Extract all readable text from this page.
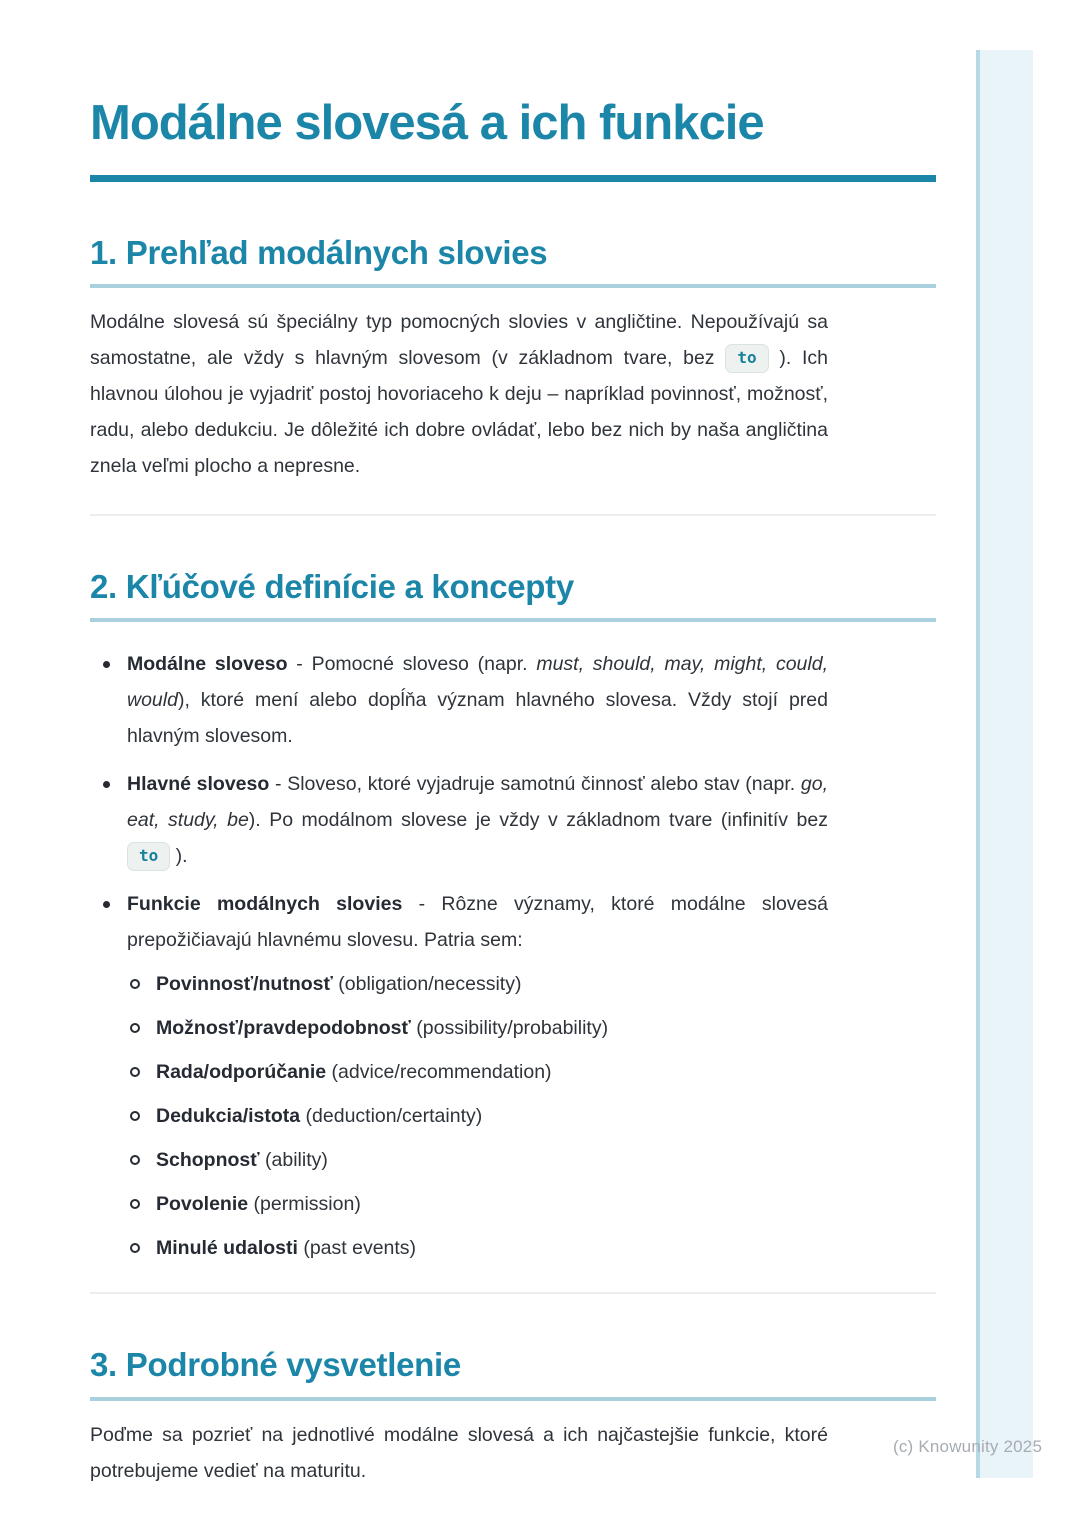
Modálne slovesá a ich funkcie
1. Prehľad modálnych slovies

Modálne slovesá sú špeciálny typ pomocných slovies v angličtine. Nepoužívajú sa samostatne, ale vždy s hlavným slovesom (v základnom tvare, bez to ). Ich hlavnou úlohou je vyjadriť postoj hovoriaceho k deju – napríklad povinnosť, možnosť, radu, alebo dedukciu. Je dôležité ich dobre ovládať, lebo bez nich by naša angličtina znela veľmi plocho a nepresne.

2. Kľúčové definície a koncepty
Modálne sloveso - Pomocné sloveso (napr. must, should, may, might, could, would), ktoré mení alebo dopĺňa význam hlavného slovesa. Vždy stojí pred hlavným slovesom.
Hlavné sloveso - Sloveso, ktoré vyjadruje samotnú činnosť alebo stav (napr. go, eat, study, be). Po modálnom slovese je vždy v základnom tvare (infinitív bez to ).
Funkcie modálnych slovies - Rôzne významy, ktoré modálne slovesá prepožičiavajú hlavnému slovesu. Patria sem:
Povinnosť/nutnosť (obligation/necessity)
Možnosť/pravdepodobnosť (possibility/probability)
Rada/odporúčanie (advice/recommendation)
Dedukcia/istota (deduction/certainty)
Schopnosť (ability)
Povolenie (permission)
Minulé udalosti (past events)
3. Podrobné vysvetlenie

Poďme sa pozrieť na jednotlivé modálne slovesá a ich najčastejšie funkcie, ktoré potrebujeme vedieť na maturitu.

(c) Knowunity 2025
